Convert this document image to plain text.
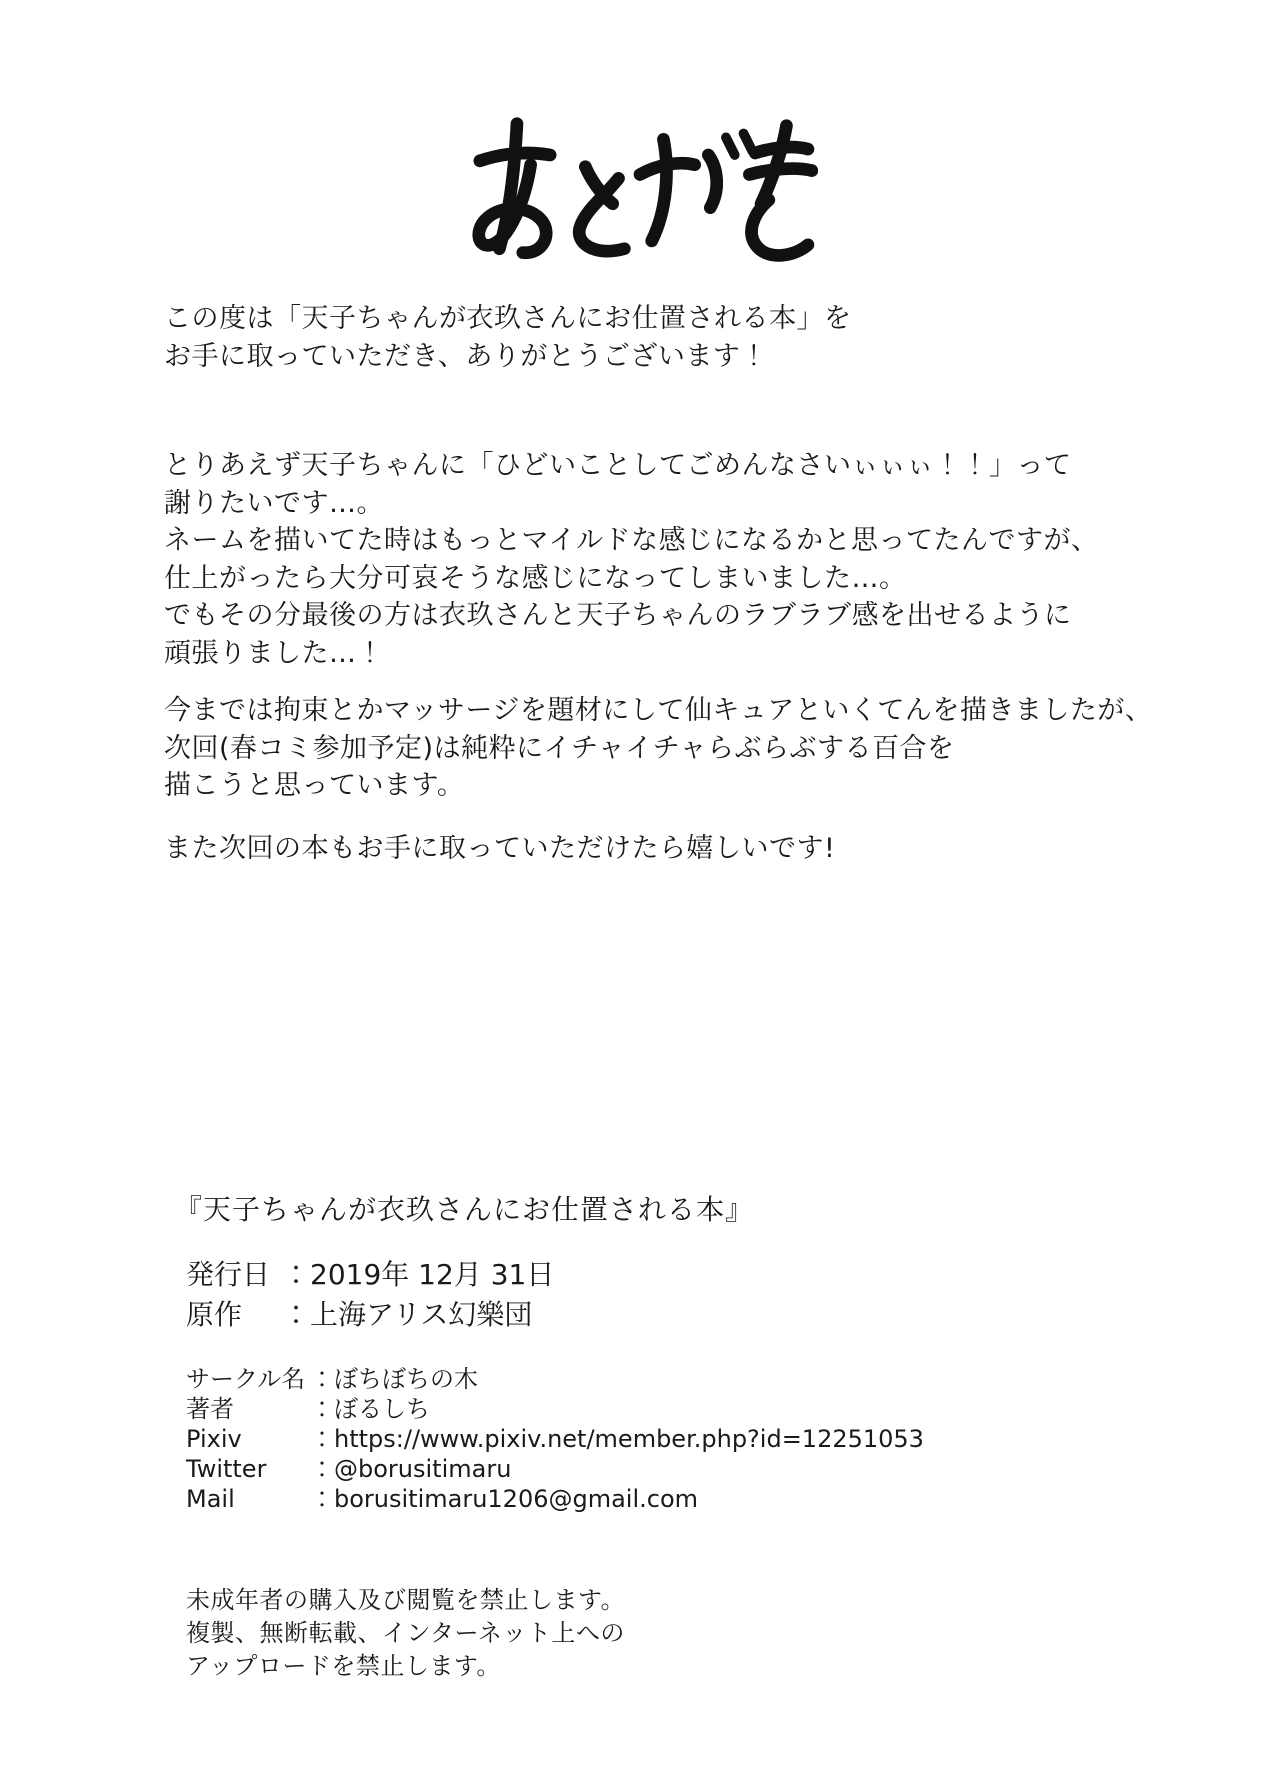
この度は「天子ちゃんが衣玖さんにお仕置される本」を
お手に取っていただき、ありがとうございます！
とりあえず天子ちゃんに「ひどいことしてごめんなさいぃぃぃ！！」って
謝りたいです…。
ネームを描いてた時はもっとマイルドな感じになるかと思ってたんですが、
仕上がったら大分可哀そうな感じになってしまいました…。
でもその分最後の方は衣玖さんと天子ちゃんのラブラブ感を出せるように
頑張りました…！
今までは拘束とかマッサージを題材にして仙キュアといくてんを描きましたが、
次回(春コミ参加予定)は純粋にイチャイチャらぶらぶする百合を
描こうと思っています。
また次回の本もお手に取っていただけたら嬉しいです!
『天子ちゃんが衣玖さんにお仕置される本』
発行日 ：2019年 12月 31日
原作	：上海アリス幻樂団
サークル名 ：ぼちぼちの木
著者	：ぼるしち
Pixiv	：https://www.pixiv.net/member.php?id=12251053
Twitter	：@borusitimaru
Mail	：borusitimaru1206@gmail.com
未成年者の購入及び閲覧を禁止します。
複製、無断転載、インターネット上への
アップロードを禁止します。
